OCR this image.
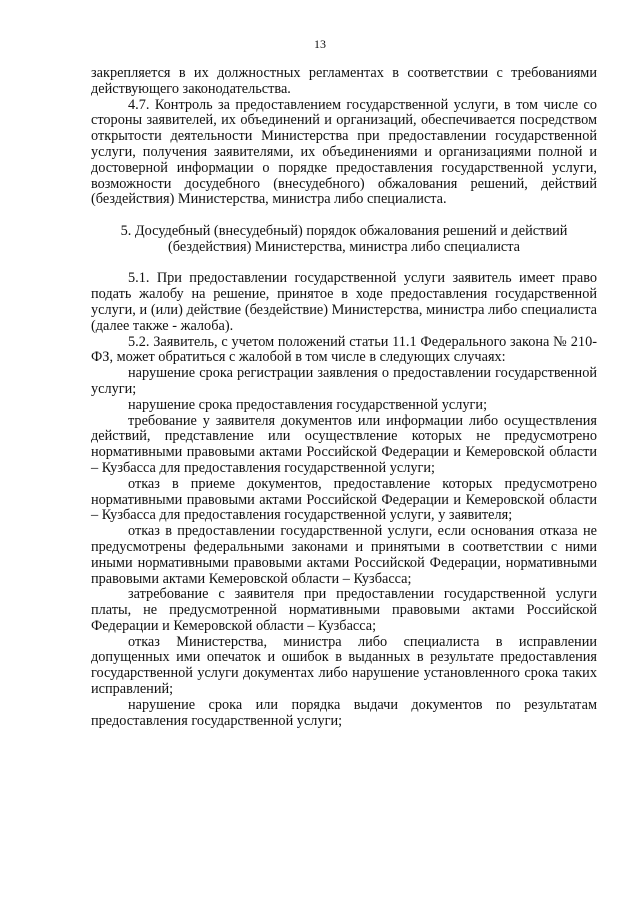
13

закрепляется в их должностных регламентах в соответствии с требованиями действующего законодательства.

4.7. Контроль за предоставлением государственной услуги, в том числе со стороны заявителей, их объединений и организаций, обеспечивается посредством открытости деятельности Министерства при предоставлении государственной услуги, получения заявителями, их объединениями и организациями полной и достоверной информации о порядке предоставления государственной услуги, возможности досудебного (внесудебного) обжалования решений, действий (бездействия) Министерства, министра либо специалиста.

5. Досудебный (внесудебный) порядок обжалования решений и действий (бездействия) Министерства, министра либо специалиста

5.1. При предоставлении государственной услуги заявитель имеет право подать жалобу на решение, принятое в ходе предоставления государственной услуги, и (или) действие (бездействие) Министерства, министра либо специалиста (далее также - жалоба).

5.2. Заявитель, с учетом положений статьи 11.1 Федерального закона № 210-ФЗ, может обратиться с жалобой в том числе в следующих случаях:

нарушение срока регистрации заявления о предоставлении государственной услуги;

нарушение срока предоставления государственной услуги;

требование у заявителя документов или информации либо осуществления действий, представление или осуществление которых не предусмотрено нормативными правовыми актами Российской Федерации и Кемеровской области – Кузбасса для предоставления государственной услуги;

отказ в приеме документов, предоставление которых предусмотрено нормативными правовыми актами Российской Федерации и Кемеровской области – Кузбасса для предоставления государственной услуги, у заявителя;

отказ в предоставлении государственной услуги, если основания отказа не предусмотрены федеральными законами и принятыми в соответствии с ними иными нормативными правовыми актами Российской Федерации, нормативными правовыми актами Кемеровской области – Кузбасса;

затребование с заявителя при предоставлении государственной услуги платы, не предусмотренной нормативными правовыми актами Российской Федерации и Кемеровской области – Кузбасса;

отказ Министерства, министра либо специалиста в исправлении допущенных ими опечаток и ошибок в выданных в результате предоставления государственной услуги документах либо нарушение установленного срока таких исправлений;

нарушение срока или порядка выдачи документов по результатам предоставления государственной услуги;
